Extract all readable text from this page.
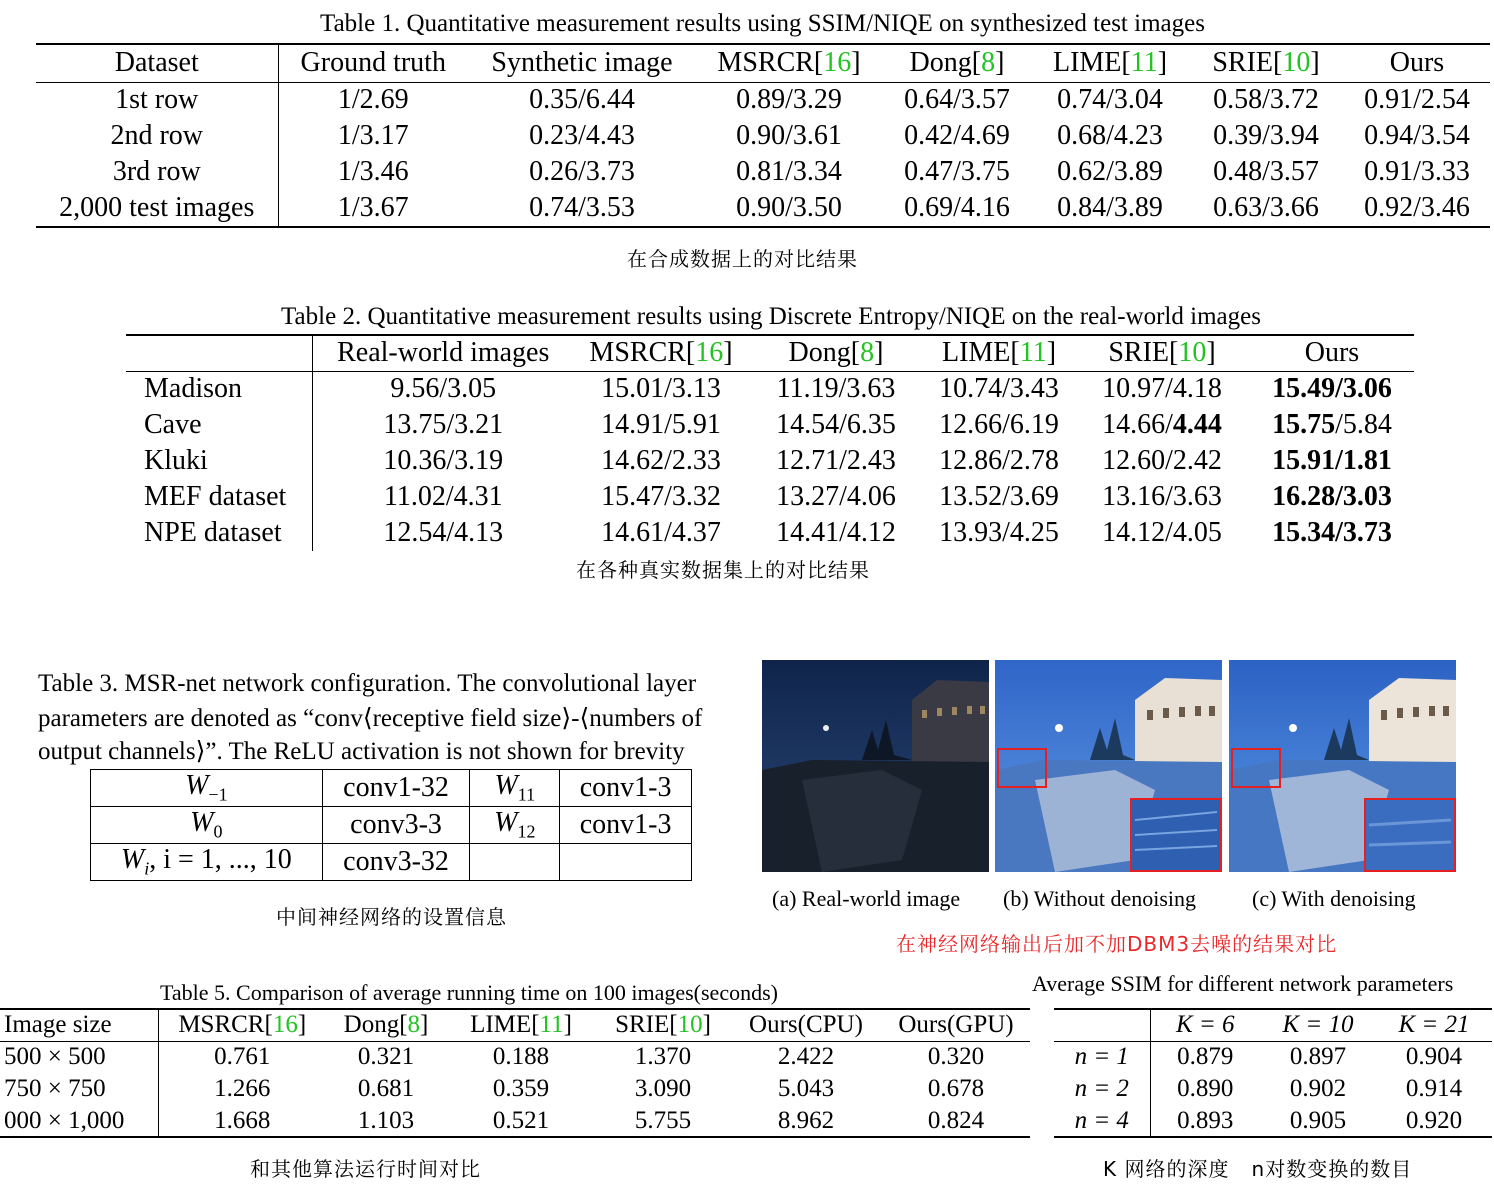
Table 1. Quantitative measurement results using SSIM/NIQE on synthesized test images
Dataset	Ground truth	Synthetic image	MSRCR[16]	Dong[8]	LIME[11]	SRIE[10]	Ours
1st row	1/2.69	0.35/6.44	0.89/3.29	0.64/3.57	0.74/3.04	0.58/3.72	0.91/2.54
2nd row	1/3.17	0.23/4.43	0.90/3.61	0.42/4.69	0.68/4.23	0.39/3.94	0.94/3.54
3rd row	1/3.46	0.26/3.73	0.81/3.34	0.47/3.75	0.62/3.89	0.48/3.57	0.91/3.33
2,000 test images	1/3.67	0.74/3.53	0.90/3.50	0.69/4.16	0.84/3.89	0.63/3.66	0.92/3.46
在合成数据上的对比结果
Table 2. Quantitative measurement results using Discrete Entropy/NIQE on the real-world images
	Real-world images	MSRCR[16]	Dong[8]	LIME[11]	SRIE[10]	Ours
Madison	9.56/3.05	15.01/3.13	11.19/3.63	10.74/3.43	10.97/4.18	15.49/3.06
Cave	13.75/3.21	14.91/5.91	14.54/6.35	12.66/6.19	14.66/4.44	15.75/5.84
Kluki	10.36/3.19	14.62/2.33	12.71/2.43	12.86/2.78	12.60/2.42	15.91/1.81
MEF dataset	11.02/4.31	15.47/3.32	13.27/4.06	13.52/3.69	13.16/3.63	16.28/3.03
NPE dataset	12.54/4.13	14.61/4.37	14.41/4.12	13.93/4.25	14.12/4.05	15.34/3.73
在各种真实数据集上的对比结果
Table 3. MSR-net network configuration. The convolutional layer
parameters are denoted as “conv⟨receptive field size⟩-⟨numbers of
output channels⟩”. The ReLU activation is not shown for brevity
$W_{-1}$	conv1-32	$W_{11}$	conv1-3
$W_0$	conv3-3	$W_{12}$	conv1-3
$W_i$, i = 1, ..., 10	conv3-32		
中间神经网络的设置信息
(a) Real-world image (b) Without denoising	(c) With denoising
在神经网络输出后加不加DBM3去噪的结果对比
Table 5. Comparison of average running time on 100 images(seconds)
Image size	MSRCR[16]	Dong[8]	LIME[11]	SRIE[10]	Ours(CPU)	Ours(GPU)
500 × 500	0.761	0.321	0.188	1.370	2.422	0.320
750 × 750	1.266	0.681	0.359	3.090	5.043	0.678
000 × 1,000	1.668	1.103	0.521	5.755	8.962	0.824
和其他算法运行时间对比
Average SSIM for different network parameters
	K = 6	K = 10	K = 21
n = 1	0.879	0.897	0.904
n = 2	0.890	0.902	0.914
n = 4	0.893	0.905	0.920
K 网络的深度   n对数变换的数目
